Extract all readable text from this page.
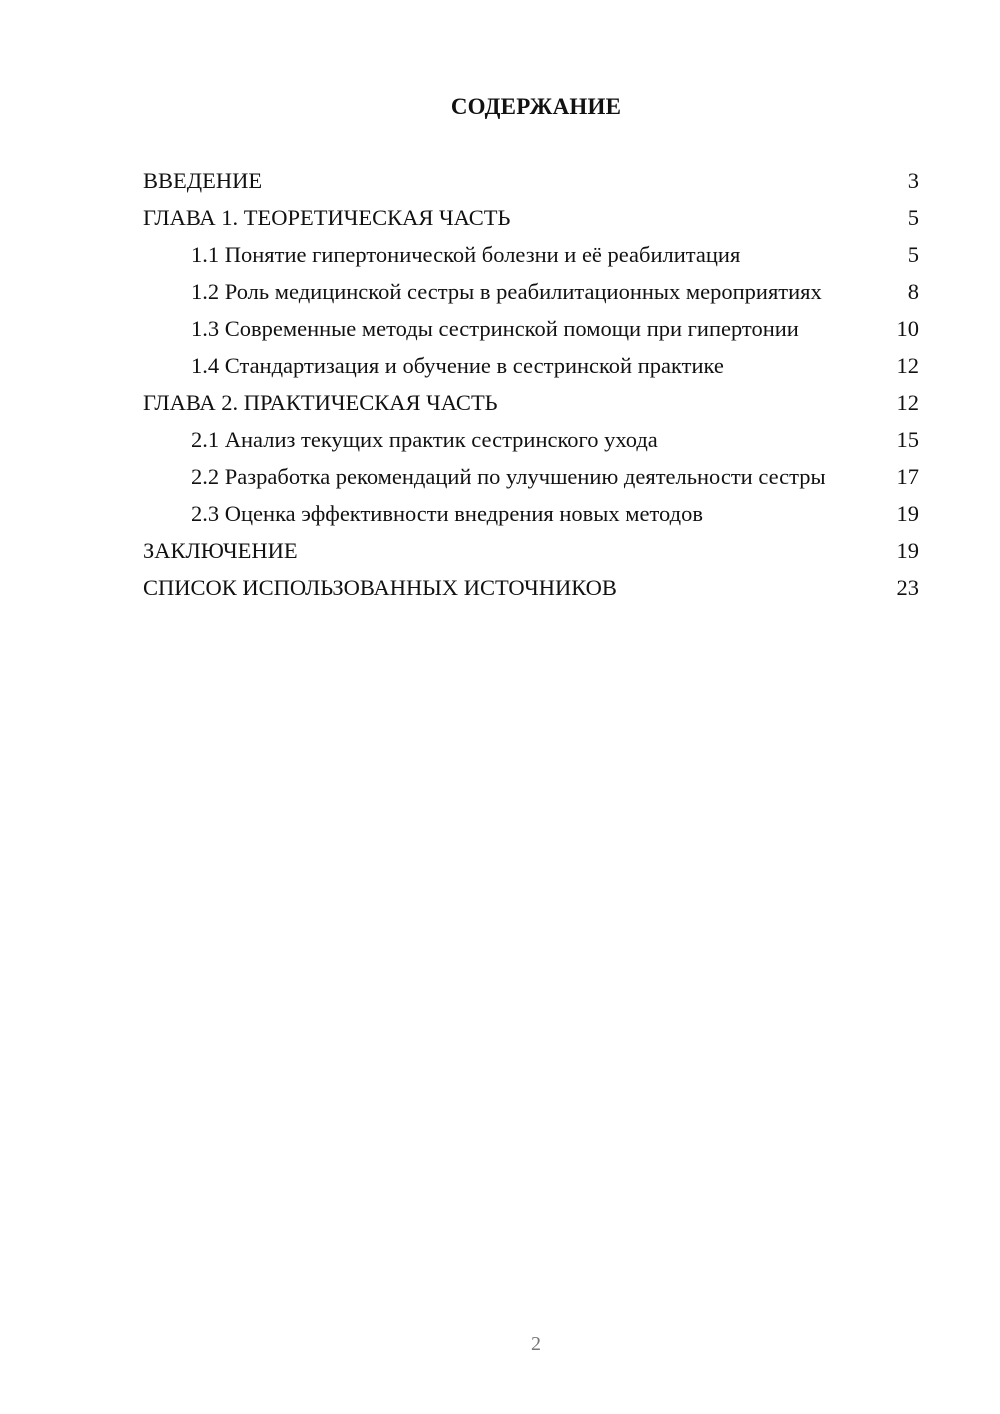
СОДЕРЖАНИЕ
ВВЕДЕНИЕ	3
ГЛАВА 1. ТЕОРЕТИЧЕСКАЯ ЧАСТЬ	5
1.1 Понятие гипертонической болезни и её реабилитация	5
1.2 Роль медицинской сестры в реабилитационных мероприятиях	8
1.3 Современные методы сестринской помощи при гипертонии	10
1.4 Стандартизация и обучение в сестринской практике	12
ГЛАВА 2. ПРАКТИЧЕСКАЯ ЧАСТЬ	12
2.1 Анализ текущих практик сестринского ухода	15
2.2 Разработка рекомендаций по улучшению деятельности сестры	17
2.3 Оценка эффективности внедрения новых методов	19
ЗАКЛЮЧЕНИЕ	19
СПИСОК ИСПОЛЬЗОВАННЫХ ИСТОЧНИКОВ	23
2
